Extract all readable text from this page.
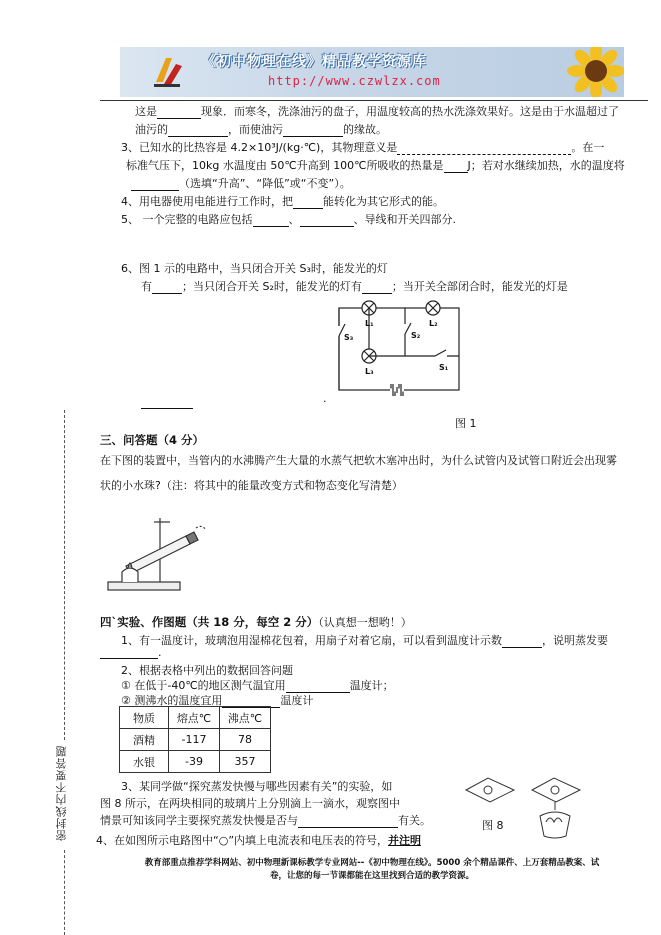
《初中物理在线》精品教学资源库
http://www.czwlzx.com
这是	现象．而寒冬，洗涤油污的盘子，用温度较高的热水洗涤效果好。这是由于水温超过了
油污的	，而使油污	的缘故。
3、已知水的比热容是 4.2×10³J/(kg·℃)，其物理意义是	。在一
标准气压下，10kg 水温度由 50℃升高到 100℃所吸收的热量是 J；若对水继续加热，水的温度将
（选填“升高”、“降低”或“不变”）。
4、用电器使用电能进行工作时，把	能转化为其它形式的能。
5、 一个完整的电路应包括	、	、导线和开关四部分.
6、图 1 示的电路中，当只闭合开关 S₃时，能发光的灯
有	；当只闭合开关 S₂时，能发光的灯有	；当开关全部闭合时，能发光的灯是
.
图 1
S₃
L₁
S₂
L₂
L₃	S₁
三、问答题（4 分）
在下图的装置中，当管内的水沸腾产生大量的水蒸气把软木塞冲出时，为什么试管内及试管口附近会出现雾
状的小水珠?（注：将其中的能量改变方式和物态变化写清楚）
四`实验、作图题（共 18 分，每空 2 分）（认真想一想哟！）
1、有一温度计，玻璃泡用湿棉花包着，用扇子对着它扇，可以看到温度计示数	，说明蒸发要
.
2、根据表格中列出的数据回答问题
① 在低于-40℃的地区测气温宜用	温度计；
② 测沸水的温度宜用	温度计
物质	熔点℃	沸点℃
酒精	-117	78
水银	-39	357
3、某同学做“探究蒸发快慢与哪些因素有关”的实验，如
图 8 所示，在两块相同的玻璃片上分别滴上一滴水，观察图中
情景可知该同学主要探究蒸发快慢是否与	有关。
4、在如图所示电路图中“○”内填上电流表和电压表的符号，并注明
图 8
密封线内不要答题
教育部重点推荐学科网站、初中物理新课标教学专业网站--《初中物理在线》。5000 余个精品课件、上万套精品教案、试
卷，让您的每一节课都能在这里找到合适的教学资源。
